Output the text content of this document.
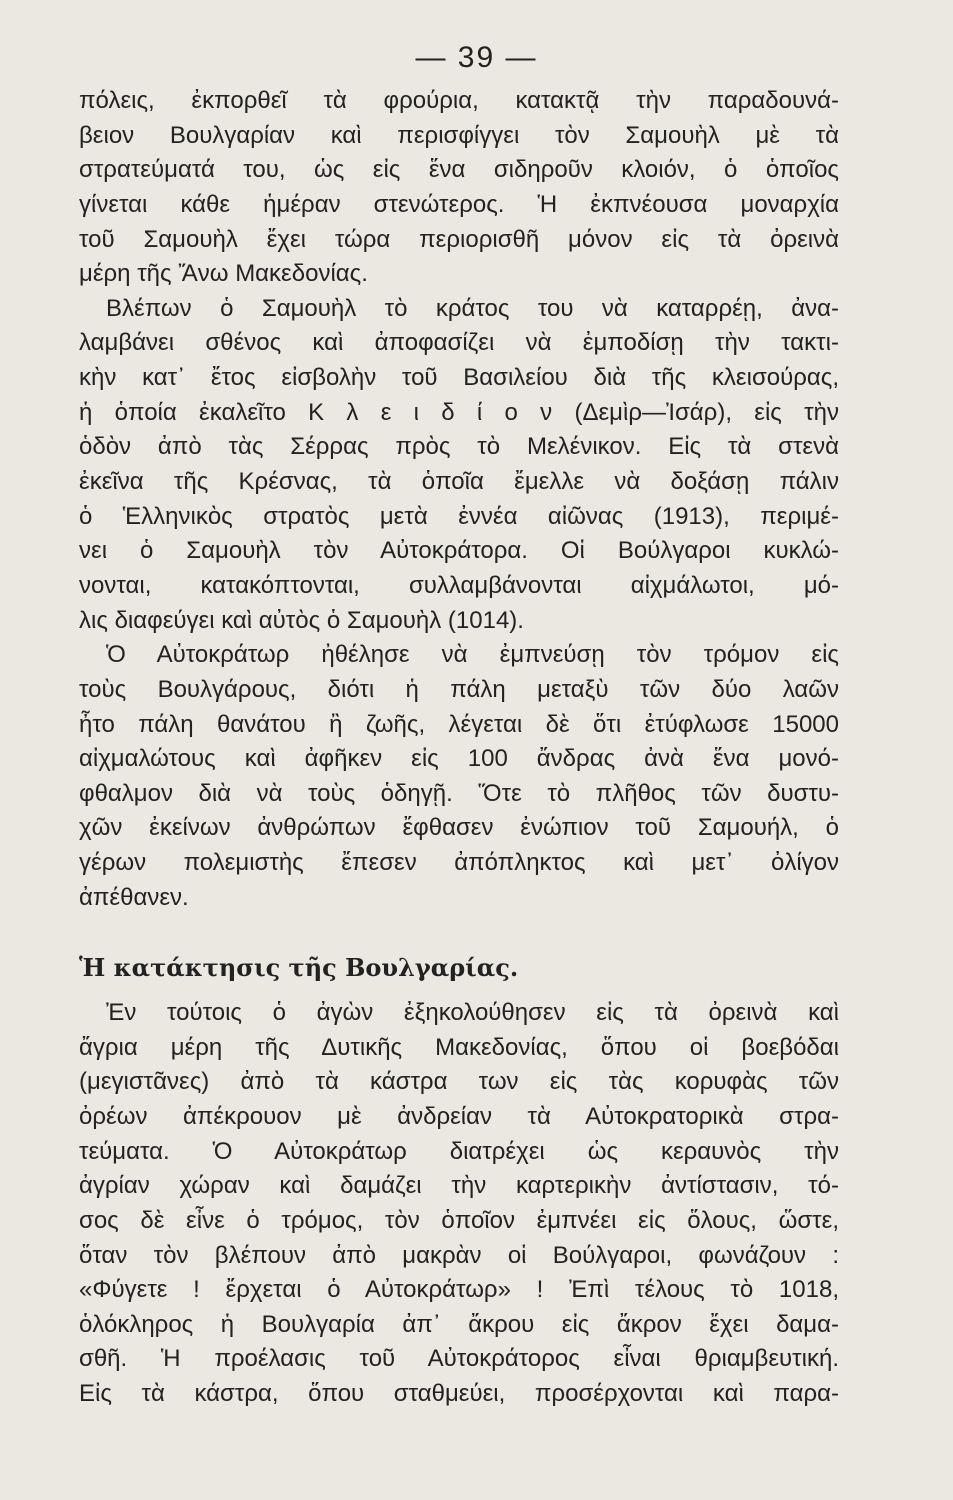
— 39 —
πόλεις, ἐκπορθεῖ τὰ φρούρια, κατακτᾷ τὴν παραδουνά-
βειον Βουλγαρίαν καὶ περισφίγγει τὸν Σαμουὴλ μὲ τὰ
στρατεύματά του, ὡς εἰς ἕνα σιδηροῦν κλοιόν, ὁ ὁποῖος
γίνεται κάθε ἡμέραν στενώτερος. Ἡ ἐκπνέουσα μοναρχία
τοῦ Σαμουὴλ ἔχει τώρα περιορισθῆ μόνον εἰς τὰ ὀρεινὰ
μέρη τῆς Ἄνω Μακεδονίας.
Βλέπων ὁ Σαμουὴλ τὸ κράτος του νὰ καταρρέῃ, ἀνα-
λαμβάνει σθένος καὶ ἀποφασίζει νὰ ἐμποδίσῃ τὴν τακτι-
κὴν κατ᾽ ἔτος εἰσβολὴν τοῦ Βασιλείου διὰ τῆς κλεισούρας,
ἡ ὁποία ἐκαλεῖτο Κ λ ε ι δ ί ο ν (Δεμὶρ—Ἰσάρ), εἰς τὴν
ὁδὸν ἀπὸ τὰς Σέρρας πρὸς τὸ Μελένικον. Εἰς τὰ στενὰ
ἐκεῖνα τῆς Κρέσνας, τὰ ὁποῖα ἔμελλε νὰ δοξάσῃ πάλιν
ὁ Ἑλληνικὸς στρατὸς μετὰ ἐννέα αἰῶνας (1913), περιμέ-
νει ὁ Σαμουὴλ τὸν Αὐτοκράτορα. Οἱ Βούλγαροι κυκλώ-
νονται, κατακόπτονται, συλλαμβάνονται αἰχμάλωτοι, μό-
λις διαφεύγει καὶ αὐτὸς ὁ Σαμουὴλ (1014).
Ὁ Αὐτοκράτωρ ἠθέλησε νὰ ἐμπνεύσῃ τὸν τρόμον εἰς
τοὺς Βουλγάρους, διότι ἡ πάλη μεταξὺ τῶν δύο λαῶν
ἦτο πάλη θανάτου ἢ ζωῆς, λέγεται δὲ ὅτι ἐτύφλωσε 15000
αἰχμαλώτους καὶ ἀφῆκεν εἰς 100 ἄνδρας ἀνὰ ἕνα μονό-
φθαλμον διὰ νὰ τοὺς ὁδηγῇ. Ὅτε τὸ πλῆθος τῶν δυστυ-
χῶν ἐκείνων ἀνθρώπων ἔφθασεν ἐνώπιον τοῦ Σαμουήλ, ὁ
γέρων πολεμιστὴς ἔπεσεν ἀπόπληκτος καὶ μετ᾽ ὀλίγον
ἀπέθανεν.
Ἡ κατάκτησις τῆς Βουλγαρίας.
Ἐν τούτοις ὁ ἀγὼν ἐξηκολούθησεν εἰς τὰ ὀρεινὰ καὶ
ἄγρια μέρη τῆς Δυτικῆς Μακεδονίας, ὅπου οἱ βοεβόδαι
(μεγιστᾶνες) ἀπὸ τὰ κάστρα των εἰς τὰς κορυφὰς τῶν
ὀρέων ἀπέκρουον μὲ ἀνδρείαν τὰ Αὐτοκρατορικὰ στρα-
τεύματα. Ὁ Αὐτοκράτωρ διατρέχει ὡς κεραυνὸς τὴν
ἀγρίαν χώραν καὶ δαμάζει τὴν καρτερικὴν ἀντίστασιν, τό-
σος δὲ εἶνε ὁ τρόμος, τὸν ὁποῖον ἐμπνέει εἰς ὅλους, ὥστε,
ὅταν τὸν βλέπουν ἀπὸ μακρὰν οἱ Βούλγαροι, φωνάζουν :
«Φύγετε ! ἔρχεται ὁ Αὐτοκράτωρ» ! Ἐπὶ τέλους τὸ 1018,
ὁλόκληρος ἡ Βουλγαρία ἀπ᾽ ἄκρου εἰς ἄκρον ἔχει δαμα-
σθῆ. Ἡ προέλασις τοῦ Αὐτοκράτορος εἶναι θριαμβευτική.
Εἰς τὰ κάστρα, ὅπου σταθμεύει, προσέρχονται καὶ παρα-
